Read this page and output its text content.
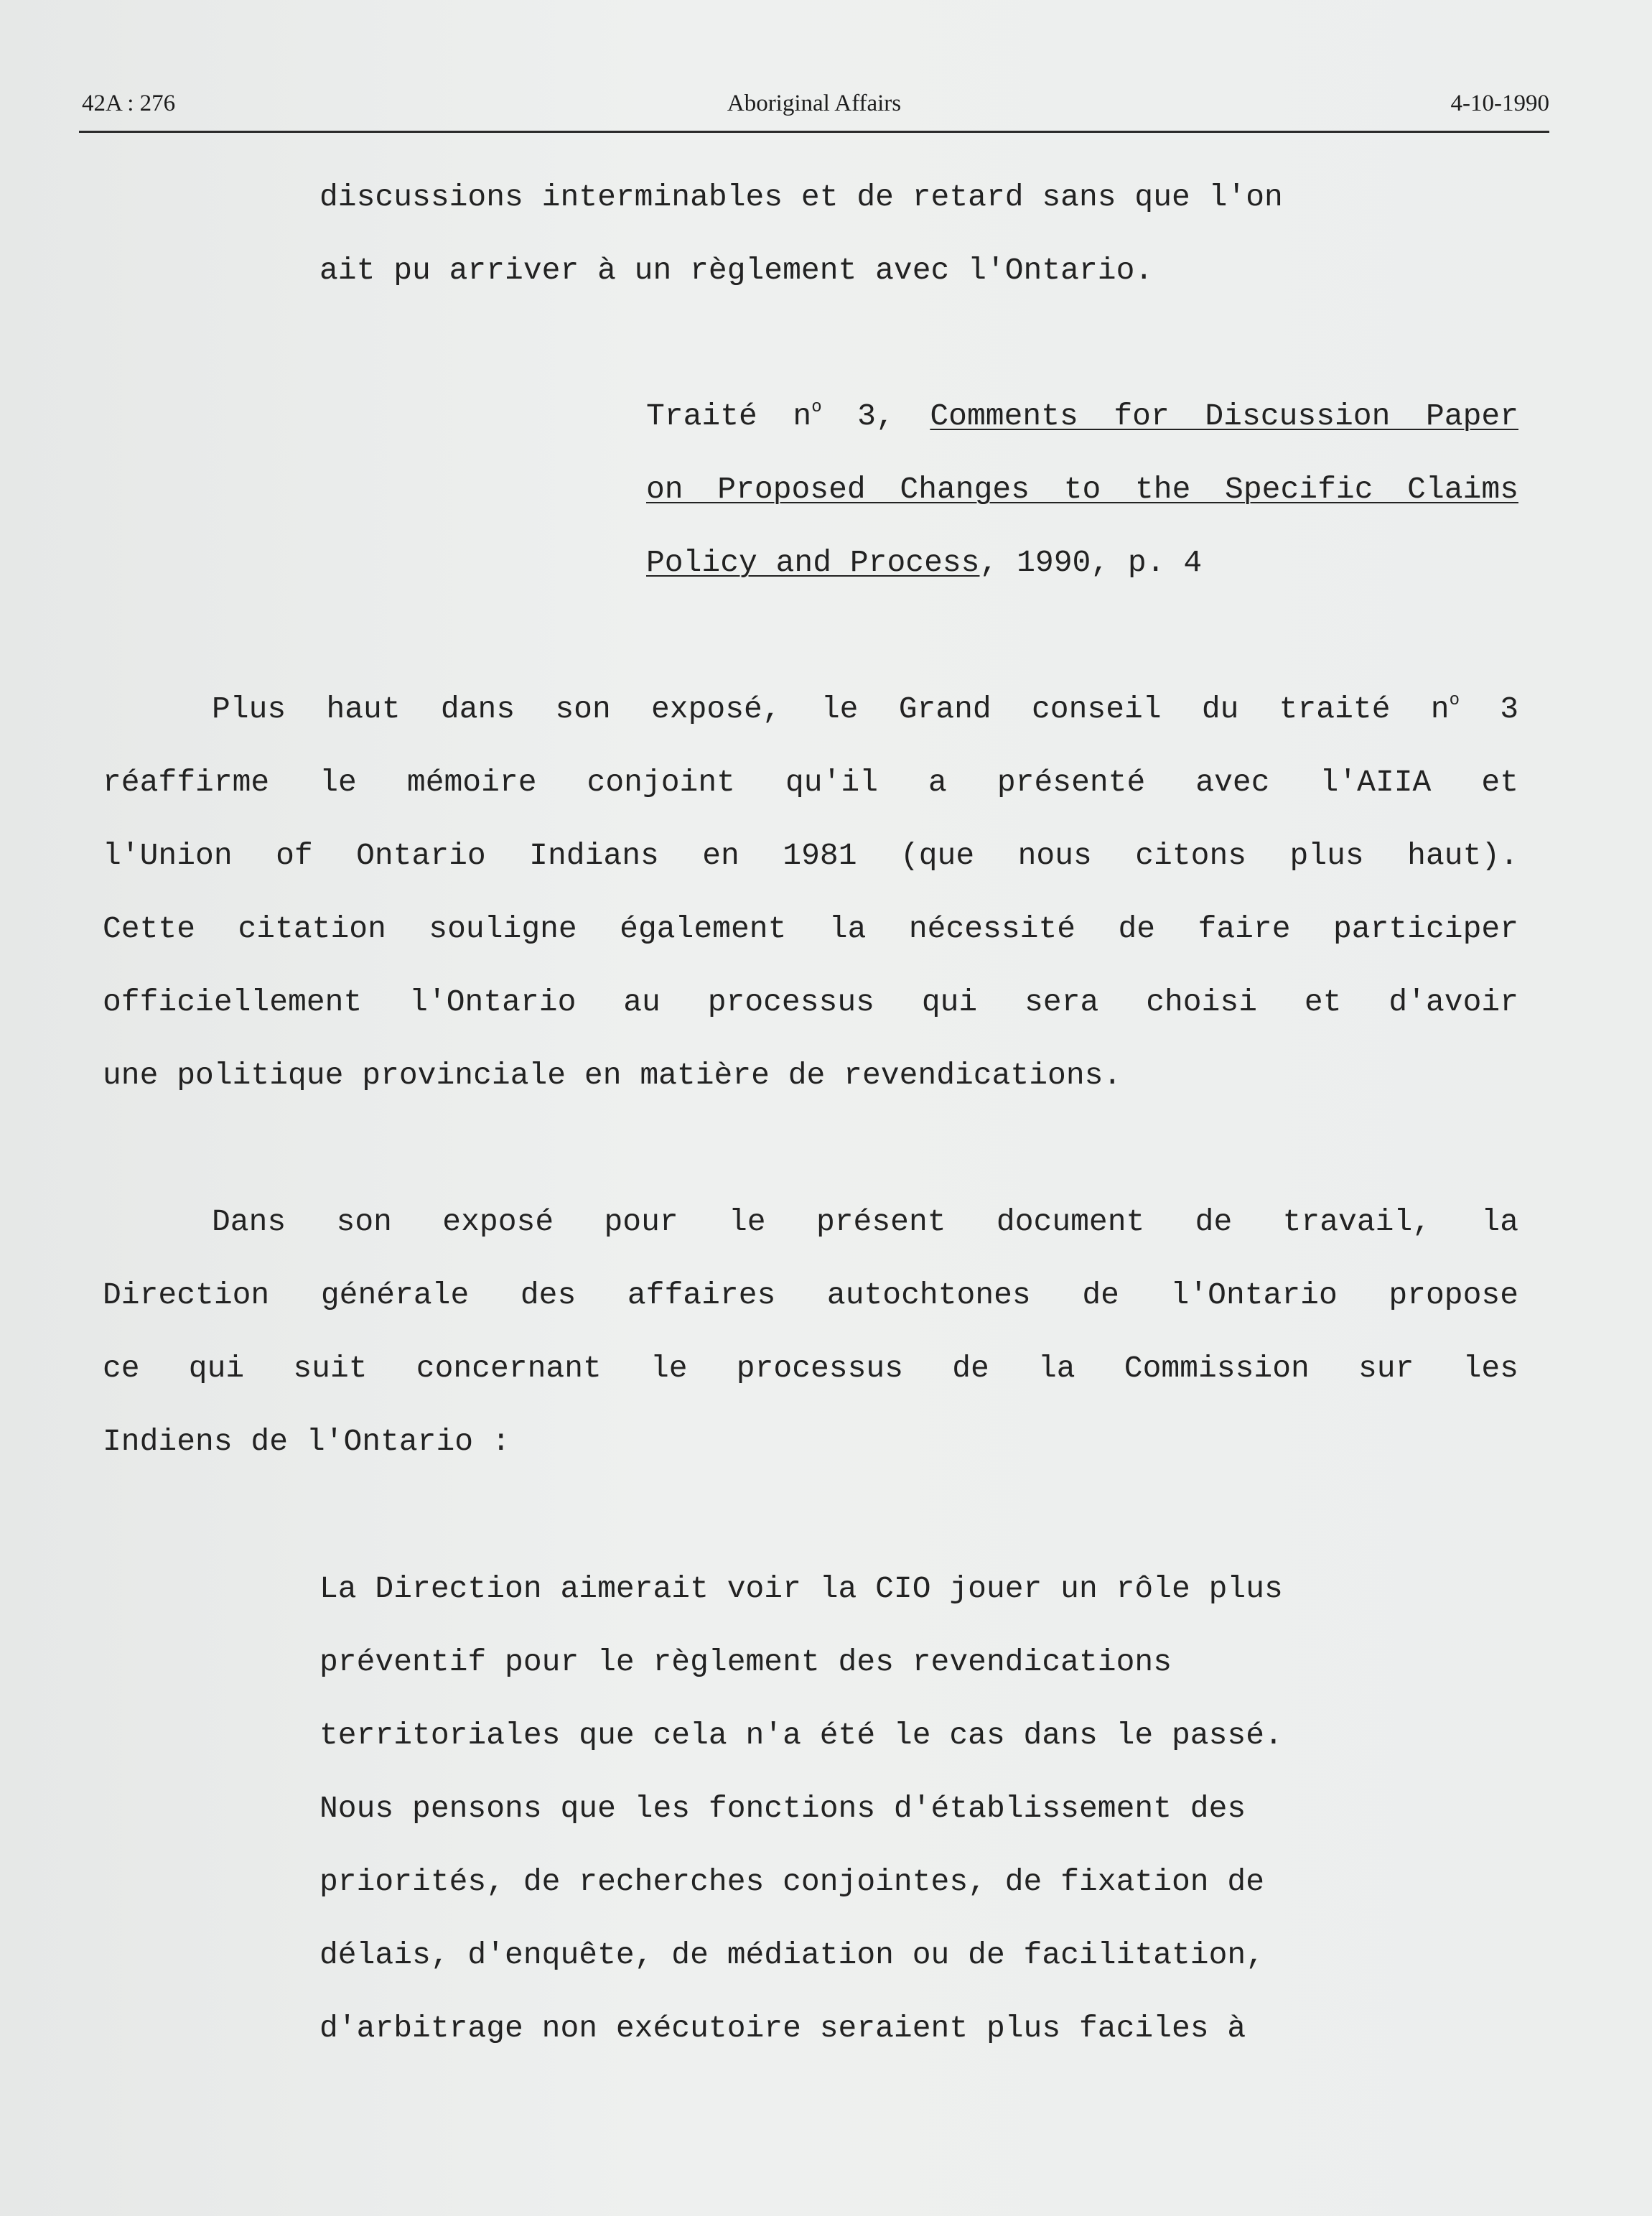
42A : 276	Aboriginal Affairs	4-10-1990
discussions interminables et de retard sans que l'on
ait pu arriver à un règlement avec l'Ontario.
Traité $n^o$ 3, Comments for Discussion Paper
on Proposed Changes to the Specific Claims
Policy and Process, 1990, p. 4
Plus haut dans son exposé, le Grand conseil du traité $n^o$ 3
réaffirme le mémoire conjoint qu'il a présenté avec l'AIIA et
l'Union of Ontario Indians en 1981 (que nous citons plus haut).
Cette citation souligne également la nécessité de faire participer
officiellement l'Ontario au processus qui sera choisi et d'avoir
une politique provinciale en matière de revendications.
Dans son exposé pour le présent document de travail, la
Direction générale des affaires autochtones de l'Ontario propose
ce qui suit concernant le processus de la Commission sur les
Indiens de l'Ontario :
La Direction aimerait voir la CIO jouer un rôle plus
préventif pour le règlement des revendications
territoriales que cela n'a été le cas dans le passé.
Nous pensons que les fonctions d'établissement des
priorités, de recherches conjointes, de fixation de
délais, d'enquête, de médiation ou de facilitation,
d'arbitrage non exécutoire seraient plus faciles à
